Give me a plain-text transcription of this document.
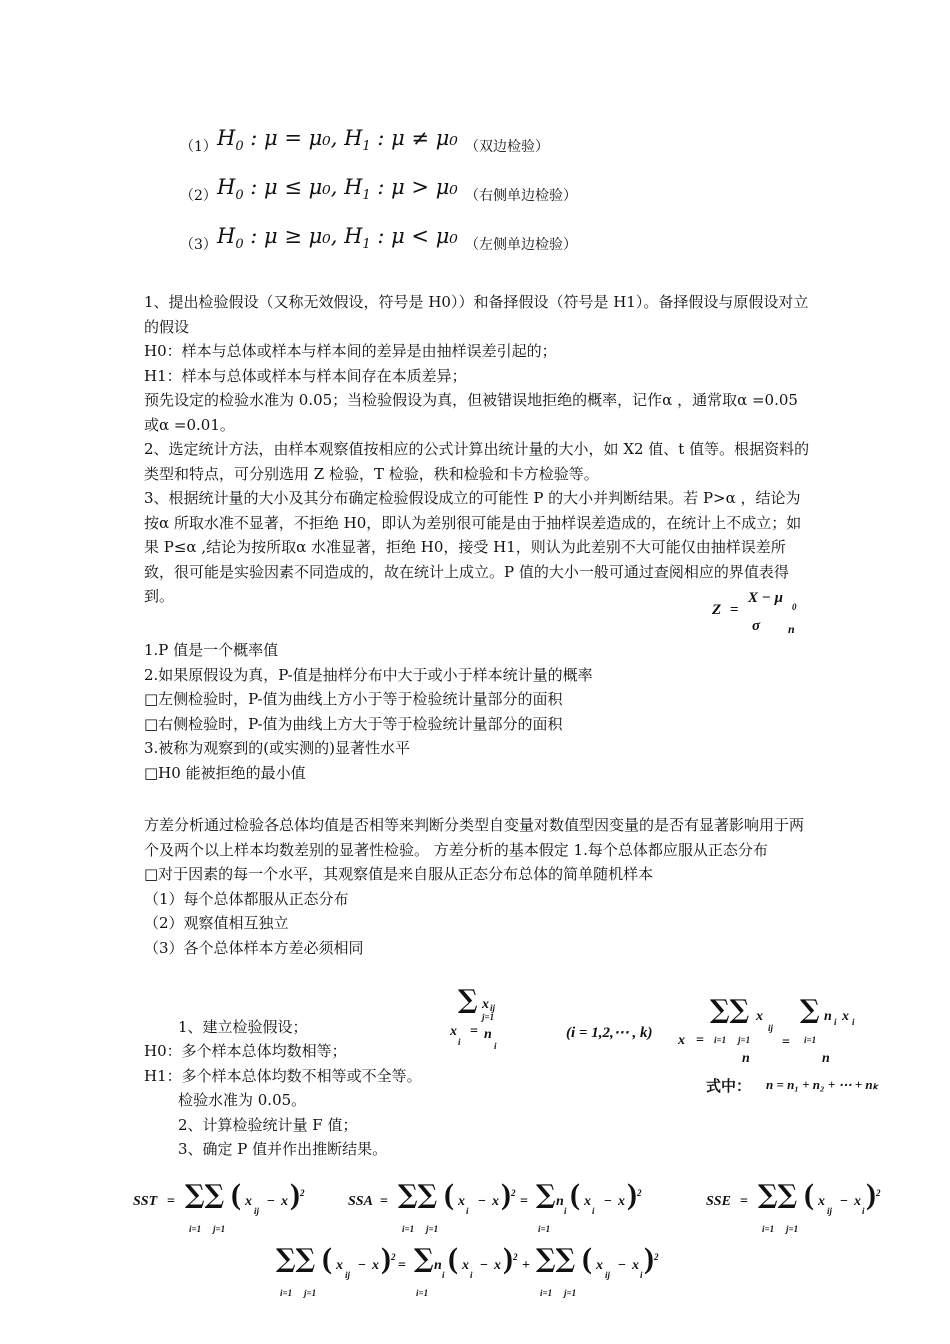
（1） $H_0$ : μ = μ₀, $H_1$ : μ ≠ μ₀ （双边检验）
（2） $H_0$ : μ ≤ μ₀, $H_1$ : μ > μ₀ （右侧单边检验）
（3） $H_0$ : μ ≥ μ₀, $H_1$ : μ < μ₀ （左侧单边检验）

1、提出检验假设（又称无效假设，符号是 H0））和备择假设（符号是 H1）。备择假设与原假设对立的假设

H0：样本与总体或样本与样本间的差异是由抽样误差引起的；

H1：样本与总体或样本与样本间存在本质差异；

预先设定的检验水准为 0.05；当检验假设为真，但被错误地拒绝的概率，记作α ，通常取α =0.05 或α =0.01。

2、选定统计方法，由样本观察值按相应的公式计算出统计量的大小，如 X2 值、t 值等。根据资料的类型和特点，可分别选用 Z 检验，T 检验，秩和检验和卡方检验等。

3、根据统计量的大小及其分布确定检验假设成立的可能性 P 的大小并判断结果。若 P>α ，结论为按α 所取水准不显著，不拒绝 H0，即认为差别很可能是由于抽样误差造成的，在统计上不成立；如果 P≤α ,结论为按所取α 水准显著，拒绝 H0，接受 H1，则认为此差别不大可能仅由抽样误差所致，很可能是实验因素不同造成的，故在统计上成立。P 值的大小一般可通过查阅相应的界值表得到。

Z =
X − μ
0
σ n

1.P 值是一个概率值

2.如果原假设为真，P-值是抽样分布中大于或小于样本统计量的概率

□左侧检验时，P-值为曲线上方小于等于检验统计量部分的面积

□右侧检验时，P-值为曲线上方大于等于检验统计量部分的面积

3.被称为观察到的(或实测的)显著性水平

□H0 能被拒绝的最小值

方差分析通过检验各总体均值是否相等来判断分类型自变量对数值型因变量的是否有显著影响用于两个及两个以上样本均数差别的显著性检验。 方差分析的基本假定 1.每个总体都应服从正态分布

□对于因素的每一个水平，其观察值是来自服从正态分布总体的简单随机样本

（1）每个总体都服从正态分布

（2）观察值相互独立

（3）各个总体样本方差必须相同

1、建立检验假设；
H0：多个样本总体均数相等；
H1：多个样本总体均数不相等或不全等。
检验水准为 0.05。
2、计算检验统计量 F 值；
3、确定 P 值并作出推断结果。
∑ x ij
x
i
=
j=1
n
i
(i = 1,2,⋯ , k)
∑∑ x
ij
x = i=1 j=1
n
=
∑ n i x i
i=1
n
式中： n = n₁ + n₂ + ⋯ + nₖ
SST = ∑∑ ( x
ij
− x ) 2
i=1 j=1
SSA = ∑∑ ( x
i
− x ) 2
= ∑ n
i ( x
i
− x ) 2
i=1 j=1	i=1
SSE = ∑∑ ( x
ij
− x
i ) 2
i=1 j=1
∑∑ ( x
ij
− x ) 2
= ∑ n
i ( x
i
− x ) 2
+ ∑∑ ( x
ij
− x
i ) 2
i=1 j=1	i=1	i=1 j=1
